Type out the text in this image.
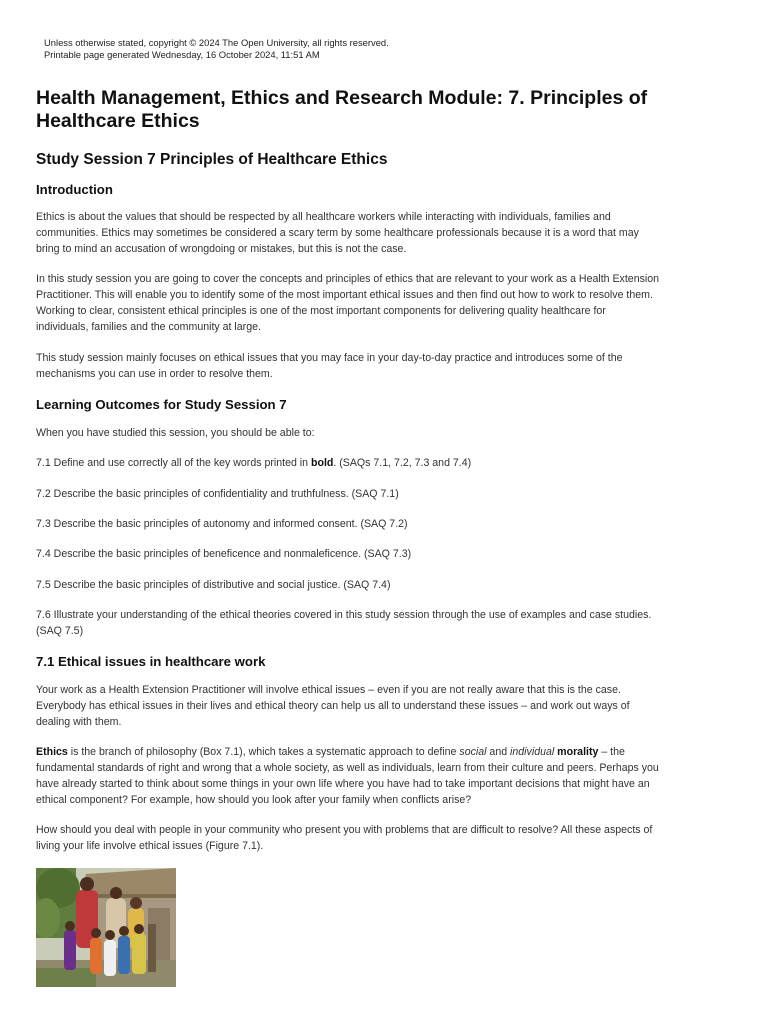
Unless otherwise stated, copyright © 2024 The Open University, all rights reserved.
Printable page generated Wednesday, 16 October 2024, 11:51 AM
Health Management, Ethics and Research Module: 7. Principles of
Healthcare Ethics
Study Session 7 Principles of Healthcare Ethics
Introduction

Ethics is about the values that should be respected by all healthcare workers while interacting with individuals, families and
communities. Ethics may sometimes be considered a scary term by some healthcare professionals because it is a word that may
bring to mind an accusation of wrongdoing or mistakes, but this is not the case.

In this study session you are going to cover the concepts and principles of ethics that are relevant to your work as a Health Extension
Practitioner. This will enable you to identify some of the most important ethical issues and then find out how to work to resolve them.
Working to clear, consistent ethical principles is one of the most important components for delivering quality healthcare for
individuals, families and the community at large.

This study session mainly focuses on ethical issues that you may face in your day-to-day practice and introduces some of the
mechanisms you can use in order to resolve them.

Learning Outcomes for Study Session 7

When you have studied this session, you should be able to:

7.1 Define and use correctly all of the key words printed in bold. (SAQs 7.1, 7.2, 7.3 and 7.4)

7.2 Describe the basic principles of confidentiality and truthfulness. (SAQ 7.1)

7.3 Describe the basic principles of autonomy and informed consent. (SAQ 7.2)

7.4 Describe the basic principles of beneficence and nonmaleficence. (SAQ 7.3)

7.5 Describe the basic principles of distributive and social justice. (SAQ 7.4)

7.6 Illustrate your understanding of the ethical theories covered in this study session through the use of examples and case studies.
(SAQ 7.5)

7.1 Ethical issues in healthcare work

Your work as a Health Extension Practitioner will involve ethical issues – even if you are not really aware that this is the case.
Everybody has ethical issues in their lives and ethical theory can help us all to understand these issues – and work out ways of
dealing with them.

Ethics is the branch of philosophy (Box 7.1), which takes a systematic approach to define social and individual morality – the
fundamental standards of right and wrong that a whole society, as well as individuals, learn from their culture and peers. Perhaps you
have already started to think about some things in your own life where you have had to take important decisions that might have an
ethical component? For example, how should you look after your family when conflicts arise?

How should you deal with people in your community who present you with problems that are difficult to resolve? All these aspects of
living your life involve ethical issues (Figure 7.1).
